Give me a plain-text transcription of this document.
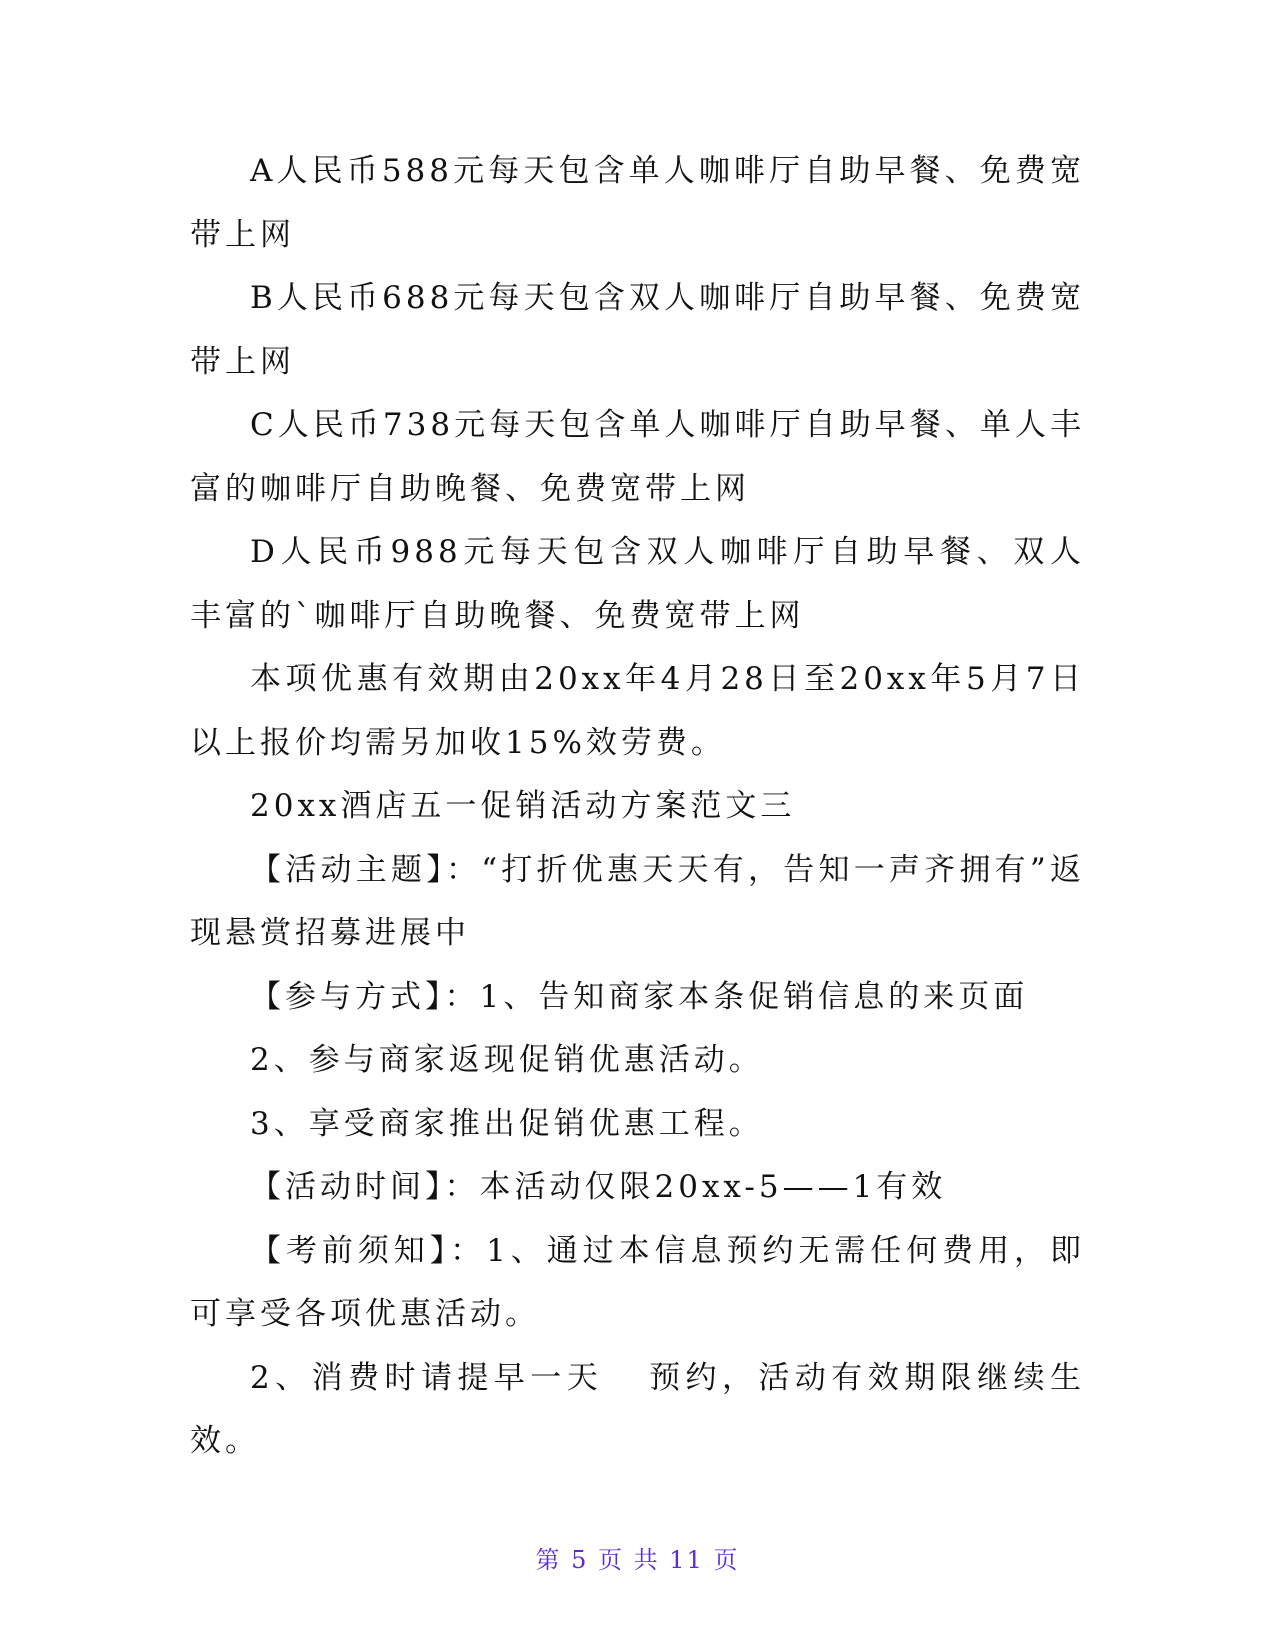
A人民币588元每天包含单人咖啡厅自助早餐、免费宽带上网

B人民币688元每天包含双人咖啡厅自助早餐、免费宽带上网

C人民币738元每天包含单人咖啡厅自助早餐、单人丰富的咖啡厅自助晚餐、免费宽带上网

D人民币988元每天包含双人咖啡厅自助早餐、双人丰富的`咖啡厅自助晚餐、免费宽带上网

本项优惠有效期由20xx年4月28日至20xx年5月7日以上报价均需另加收15%效劳费。

20xx酒店五一促销活动方案范文三

【活动主题】：“打折优惠天天有，告知一声齐拥有”返现悬赏招募进展中

【参与方式】：1、告知商家本条促销信息的来页面

2、参与商家返现促销优惠活动。

3、享受商家推出促销优惠工程。

【活动时间】：本活动仅限20xx-5——1有效

【考前须知】：1、通过本信息预约无需任何费用，即可享受各项优惠活动。

2、消费时请提早一天   预约，活动有效期限继续生效。

第 5 页 共 11 页
